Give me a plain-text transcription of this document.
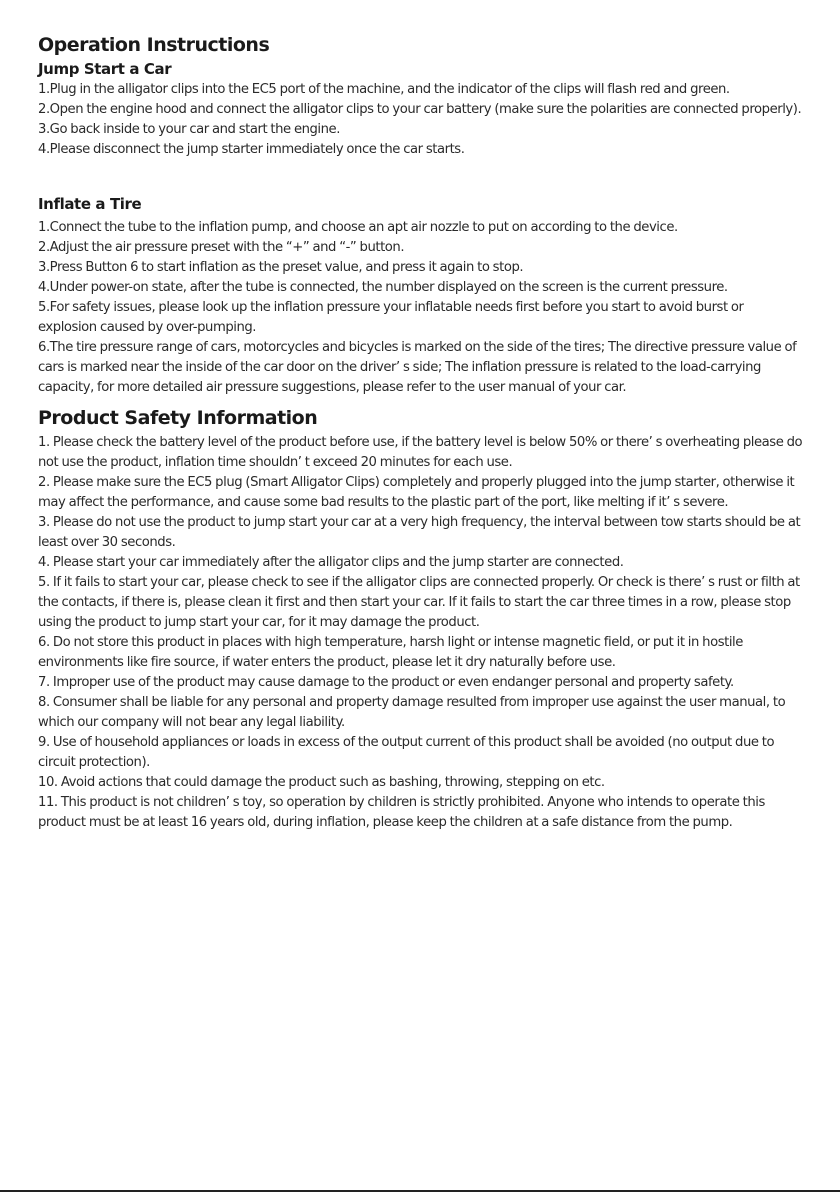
Operation Instructions
Jump Start a Car

1.Plug in the alligator clips into the EC5 port of the machine, and the indicator of the clips will flash red and green.

2.Open the engine hood and connect the alligator clips to your car battery (make sure the polarities are connected properly).

3.Go back inside to your car and start the engine.

4.Please disconnect the jump starter immediately once the car starts.

Inflate a Tire

1.Connect the tube to the inflation pump, and choose an apt air nozzle to put on according to the device.

2.Adjust the air pressure preset with the “+” and “-” button.

3.Press Button 6 to start inflation as the preset value, and press it again to stop.

4.Under power-on state, after the tube is connected, the number displayed on the screen is the current pressure.

5.For safety issues, please look up the inflation pressure your inflatable needs first before you start to avoid burst or explosion caused by over-pumping.

6.The tire pressure range of cars, motorcycles and bicycles is marked on the side of the tires; The directive pressure value of cars is marked near the inside of the car door on the driver’ s side; The inflation pressure is related to the load-carrying capacity, for more detailed air pressure suggestions, please refer to the user manual of your car.

Product Safety Information

1. Please check the battery level of the product before use, if the battery level is below 50% or there’ s overheating please do not use the product, inflation time shouldn’ t exceed 20 minutes for each use.

2. Please make sure the EC5 plug (Smart Alligator Clips) completely and properly plugged into the jump starter, otherwise it may affect the performance, and cause some bad results to the plastic part of the port, like melting if it’ s severe.

3. Please do not use the product to jump start your car at a very high frequency, the interval between tow starts should be at least over 30 seconds.

4. Please start your car immediately after the alligator clips and the jump starter are connected.

5. If it fails to start your car, please check to see if the alligator clips are connected properly. Or check is there’ s rust or filth at the contacts, if there is, please clean it first and then start your car. If it fails to start the car three times in a row, please stop using the product to jump start your car, for it may damage the product.

6. Do not store this product in places with high temperature, harsh light or intense magnetic field, or put it in hostile environments like fire source, if water enters the product, please let it dry naturally before use.

7. Improper use of the product may cause damage to the product or even endanger personal and property safety.

8. Consumer shall be liable for any personal and property damage resulted from improper use against the user manual, to which our company will not bear any legal liability.

9. Use of household appliances or loads in excess of the output current of this product shall be avoided (no output due to circuit protection).

10. Avoid actions that could damage the product such as bashing, throwing, stepping on etc.

11. This product is not children’ s toy, so operation by children is strictly prohibited. Anyone who intends to operate this product must be at least 16 years old, during inflation, please keep the children at a safe distance from the pump.
